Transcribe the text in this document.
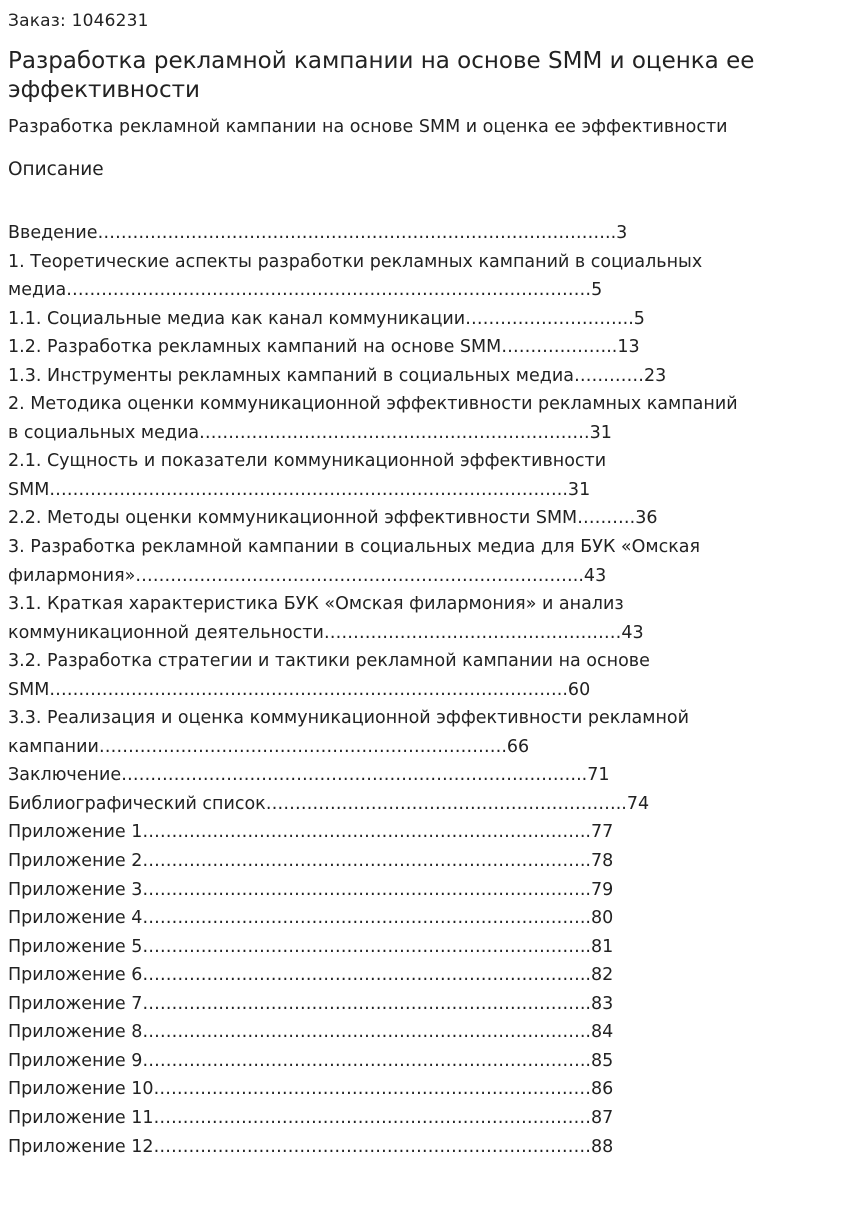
Заказ: 1046231
Разработка рекламной кампании на основе SMM и оценка ее эффективности
Разработка рекламной кампании на основе SMM и оценка ее эффективности
Описание
Введение……………………………………………………………………………..3
1. Теоретические аспекты разработки рекламных кампаний в социальных
медиа………………………………………………………………………………5
1.1. Социальные медиа как канал коммуникации………………………..5
1.2. Разработка рекламных кампаний на основе SMM………………..13
1.3. Инструменты рекламных кампаний в социальных медиа…………23
2. Методика оценки коммуникационной эффективности рекламных кампаний
в социальных медиа………………………………………………………….31
2.1. Сущность и показатели коммуникационной эффективности
SMM……………………………………………………………………………..31
2.2. Методы оценки коммуникационной эффективности SMM……….36
3. Разработка рекламной кампании в социальных медиа для БУК «Омская
филармония»…………………………………………………………………..43
3.1. Краткая характеристика БУК «Омская филармония» и анализ
коммуникационной деятельности……………………………………………43
3.2. Разработка стратегии и тактики рекламной кампании на основе
SMM……………………………………………………………………………..60
3.3. Реализация и оценка коммуникационной эффективности рекламной
кампании…………………………………………………………….66
Заключение……………………………………………………………………..71
Библиографический список……………………………………………………..74
Приложение 1…………………………………………………………………..77
Приложение 2…………………………………………………………………..78
Приложение 3…………………………………………………………………..79
Приложение 4…………………………………………………………………..80
Приложение 5…………………………………………………………………..81
Приложение 6…………………………………………………………………..82
Приложение 7…………………………………………………………………..83
Приложение 8…………………………………………………………………..84
Приложение 9…………………………………………………………………..85
Приложение 10…………………………………………………………………86
Приложение 11…………………………………………………………………87
Приложение 12…………………………………………………………………88
